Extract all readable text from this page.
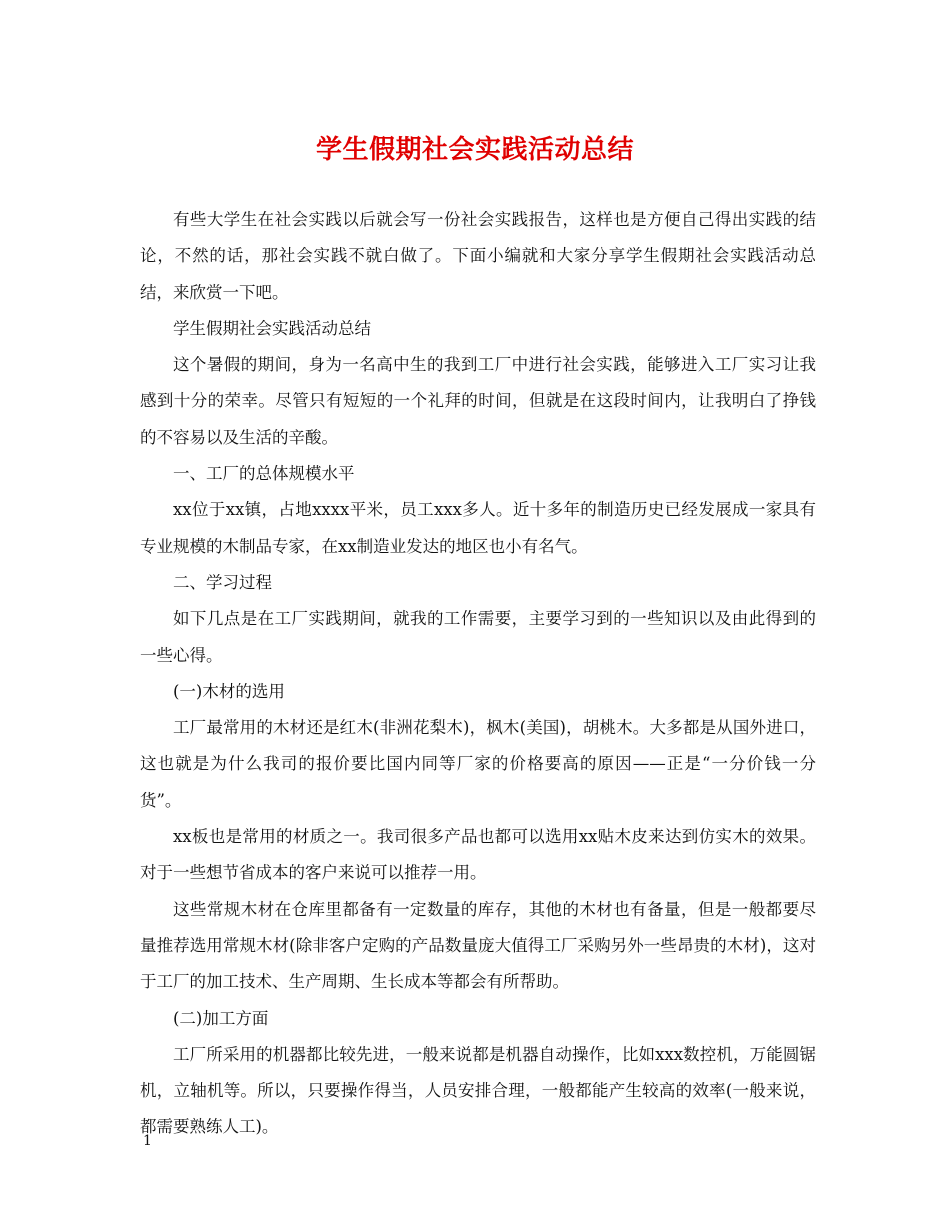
学生假期社会实践活动总结

有些大学生在社会实践以后就会写一份社会实践报告，这样也是方便自己得出实践的结论，不然的话，那社会实践不就白做了。下面小编就和大家分享学生假期社会实践活动总结，来欣赏一下吧。

学生假期社会实践活动总结

这个暑假的期间，身为一名高中生的我到工厂中进行社会实践，能够进入工厂实习让我感到十分的荣幸。尽管只有短短的一个礼拜的时间，但就是在这段时间内，让我明白了挣钱的不容易以及生活的辛酸。

一、工厂的总体规模水平

xx位于xx镇，占地xxxx平米，员工xxx多人。近十多年的制造历史已经发展成一家具有专业规模的木制品专家，在xx制造业发达的地区也小有名气。

二、学习过程

如下几点是在工厂实践期间，就我的工作需要，主要学习到的一些知识以及由此得到的一些心得。

(一)木材的选用

工厂最常用的木材还是红木(非洲花梨木)，枫木(美国)，胡桃木。大多都是从国外进口，这也就是为什么我司的报价要比国内同等厂家的价格要高的原因——正是“一分价钱一分货”。

xx板也是常用的材质之一。我司很多产品也都可以选用xx贴木皮来达到仿实木的效果。对于一些想节省成本的客户来说可以推荐一用。

这些常规木材在仓库里都备有一定数量的库存，其他的木材也有备量，但是一般都要尽量推荐选用常规木材(除非客户定购的产品数量庞大值得工厂采购另外一些昂贵的木材)，这对于工厂的加工技术、生产周期、生长成本等都会有所帮助。

(二)加工方面

工厂所采用的机器都比较先进，一般来说都是机器自动操作，比如xxx数控机，万能圆锯机，立轴机等。所以，只要操作得当，人员安排合理，一般都能产生较高的效率(一般来说，都需要熟练人工)。

1
